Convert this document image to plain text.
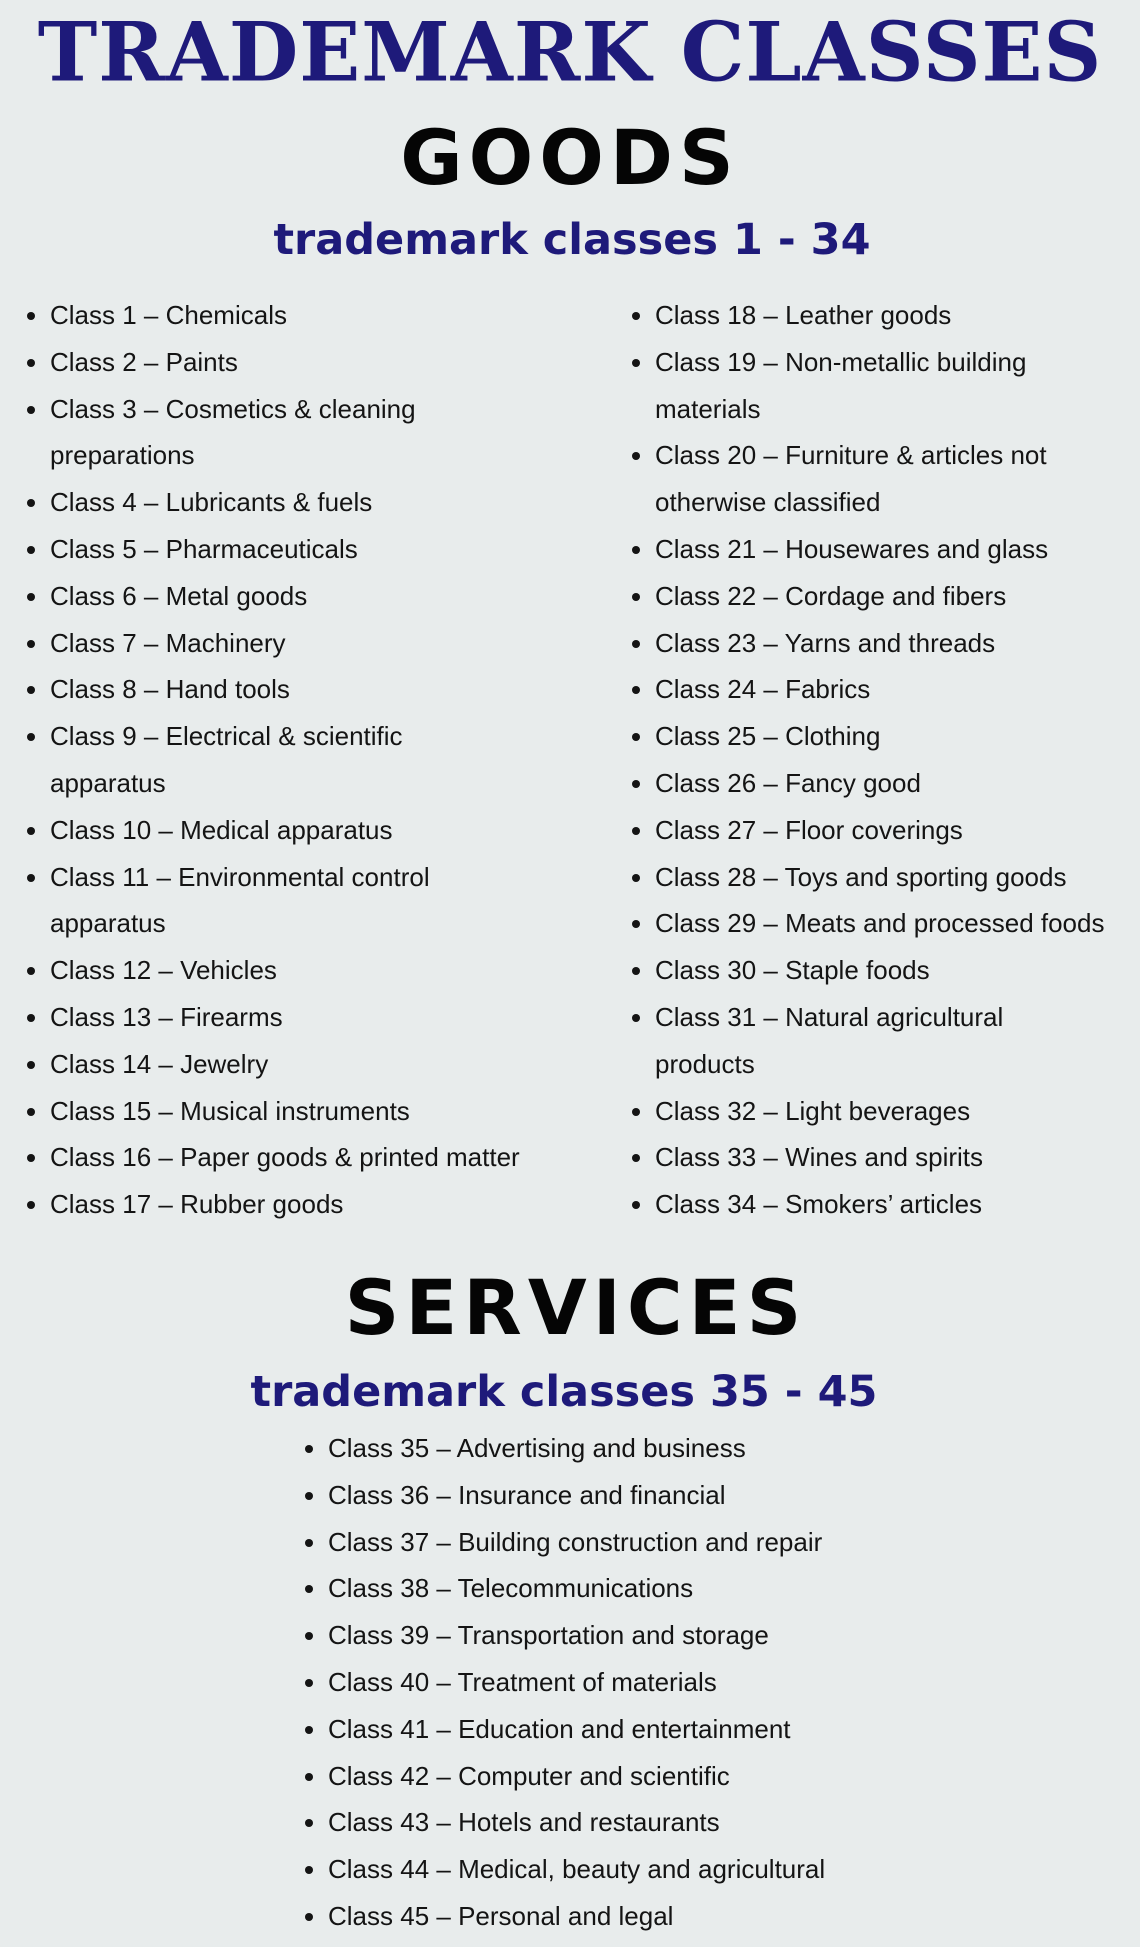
TRADEMARK CLASSES
GOODS
trademark classes 1 - 34
Class 1 – Chemicals
Class 2 – Paints
Class 3 – Cosmetics & cleaning preparations
Class 4 – Lubricants & fuels
Class 5 – Pharmaceuticals
Class 6 – Metal goods
Class 7 – Machinery
Class 8 – Hand tools
Class 9 – Electrical & scientific apparatus
Class 10 – Medical apparatus
Class 11 – Environmental control apparatus
Class 12 – Vehicles
Class 13 – Firearms
Class 14 – Jewelry
Class 15 – Musical instruments
Class 16 – Paper goods & printed matter
Class 17 – Rubber goods
Class 18 – Leather goods
Class 19 – Non-metallic building materials
Class 20 – Furniture & articles not otherwise classified
Class 21 – Housewares and glass
Class 22 – Cordage and fibers
Class 23 – Yarns and threads
Class 24 – Fabrics
Class 25 – Clothing
Class 26 – Fancy good
Class 27 – Floor coverings
Class 28 – Toys and sporting goods
Class 29 – Meats and processed foods
Class 30 – Staple foods
Class 31 – Natural agricultural products
Class 32 – Light beverages
Class 33 – Wines and spirits
Class 34 – Smokers’ articles
SERVICES
trademark classes 35 - 45
Class 35 – Advertising and business
Class 36 – Insurance and financial
Class 37 – Building construction and repair
Class 38 – Telecommunications
Class 39 – Transportation and storage
Class 40 – Treatment of materials
Class 41 – Education and entertainment
Class 42 – Computer and scientific
Class 43 – Hotels and restaurants
Class 44 – Medical, beauty and agricultural
Class 45 – Personal and legal
